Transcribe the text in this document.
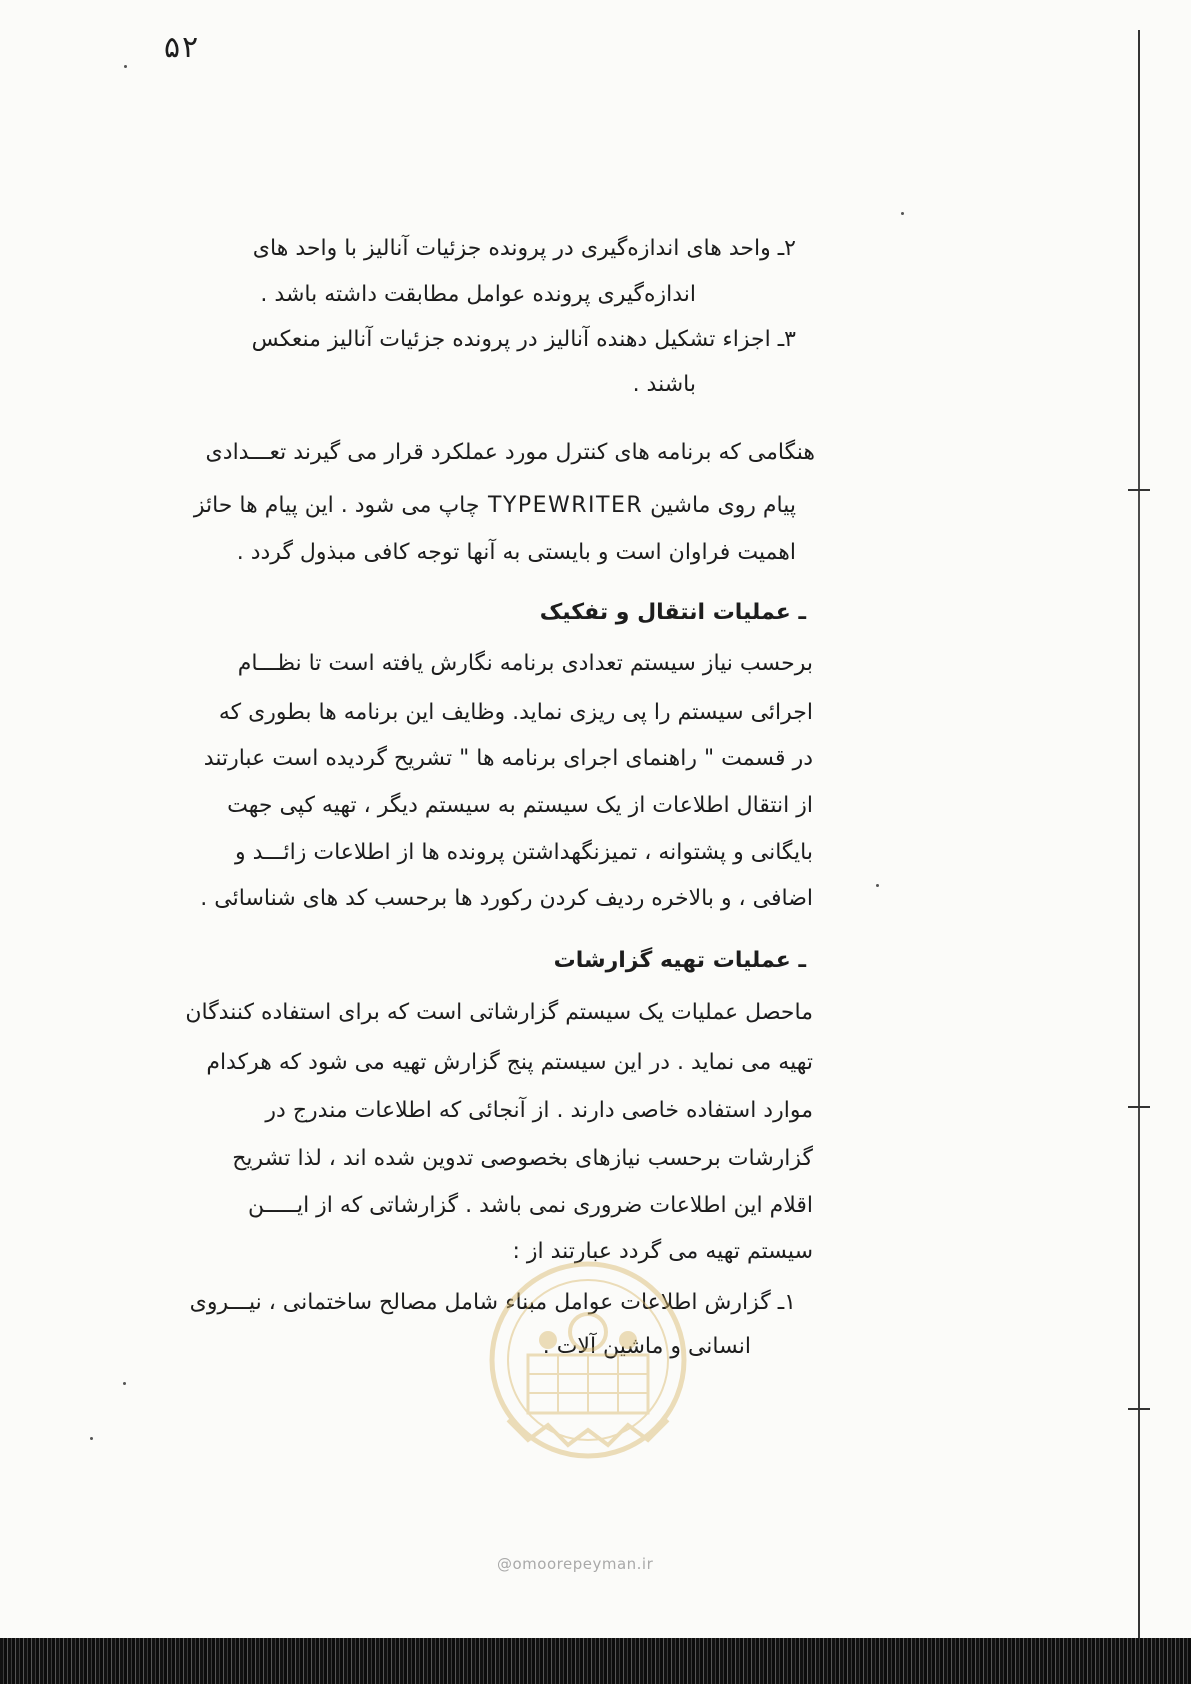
۵۲
۲ـ واحد های اندازه‌گیری در پرونده جزئیات آنالیز با واحد های
اندازه‌گیری پرونده عوامل مطابقت داشته باشد .
۳ـ اجزاء تشکیل دهنده آنالیز در پرونده جزئیات آنالیز منعکس
باشند .
هنگامی که برنامه های کنترل مورد عملکرد قرار می گیرند تعـــدادی
پیام روی ماشین TYPEWRITER چاپ می شود . این پیام ها حائز
اهمیت فراوان است و بایستی به آنها توجه کافی مبذول گردد .
ـ عملیات انتقال و تفکیک
برحسب نیاز سیستم تعدادی برنامه نگارش یافته است تا نظـــام
اجرائی سیستم را پی ریزی نماید. وظایف این برنامه ها بطوری که
در قسمت " راهنمای اجرای برنامه ها " تشریح گردیده است عبارتند
از انتقال اطلاعات از یک سیستم به سیستم دیگر ، تهیه کپی جهت
بایگانی و پشتوانه ، تمیزنگهداشتن پرونده ها از اطلاعات زائـــد و
اضافی ، و بالاخره ردیف کردن رکورد ها برحسب کد های شناسائی .
ـ عملیات تهیه گزارشات
ماحصل عملیات یک سیستم گزارشاتی است که برای استفاده کنندگان
تهیه می نماید . در این سیستم پنج گزارش تهیه می شود که هرکدام
موارد استفاده خاصی دارند . از آنجائی که اطلاعات مندرج در
گزارشات برحسب نیازهای بخصوصی تدوین شده اند ، لذا تشریح
اقلام این اطلاعات ضروری نمی باشد . گزارشاتی که از ایـــــن
سیستم تهیه می گردد عبارتند از :
۱ـ گزارش اطلاعات عوامل مبناء شامل مصالح ساختمانی ، نیـــروی
انسانی و ماشین آلات .
@omoorepeyman.ir
